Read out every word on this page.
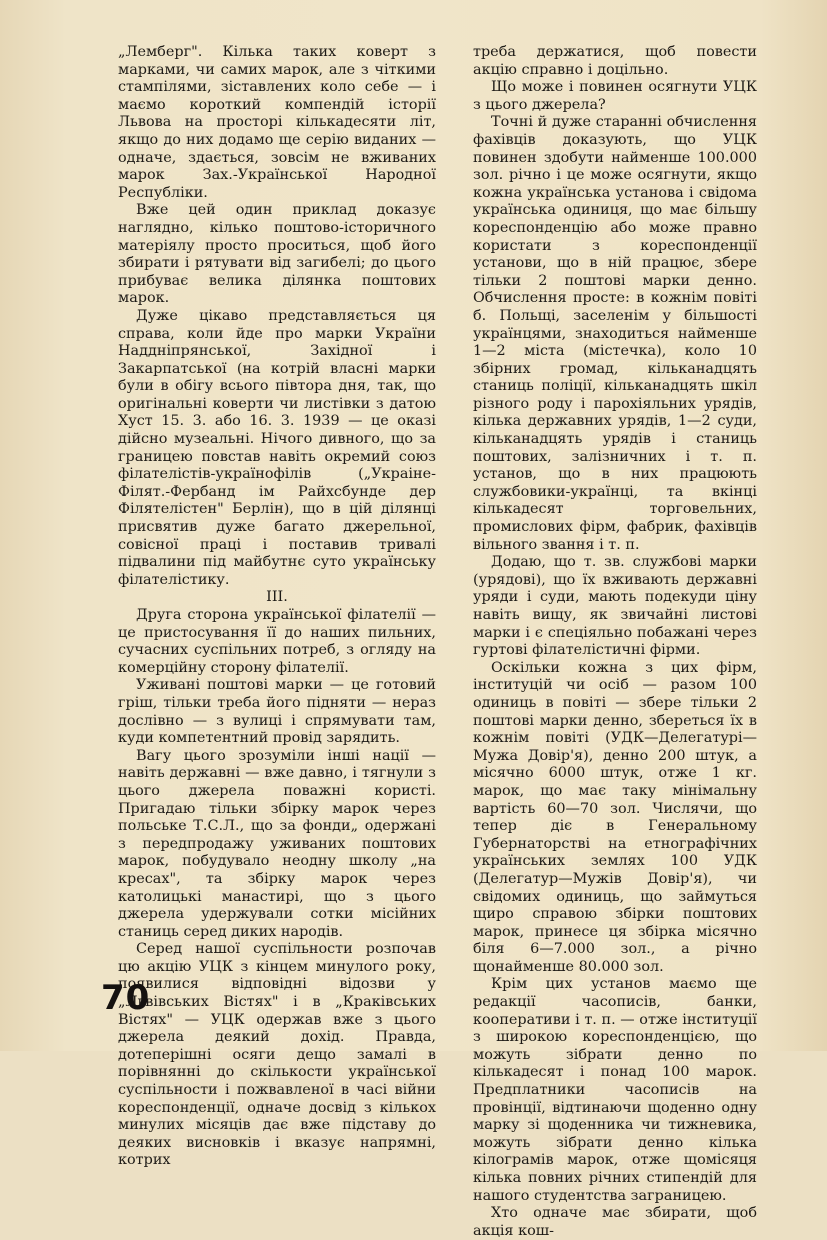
„Лемберг". Кілька таких коверт з марками, чи самих марок, але з чіткими стампілями, зіставлених коло себе — і маємо короткий компендій історії Львова на просторі кількадесяти літ, якщо до них додамо ще серію виданих — одначе, здається, зовсім не вживаних марок Зах.-Української Народної Республіки.

Вже цей один приклад доказує наглядно, кілько поштово-історичного матеріялу просто проситься, щоб його збирати і рятувати від загибелі; до цього прибуває велика ділянка поштових марок.

Дуже цікаво представляється ця справа, коли йде про марки України Наддніпрянської, Західної і Закарпатської (на котрій власні марки були в обігу всього півтора дня, так, що оригінальні коверти чи листівки з датою Хуст 15. 3. або 16. 3. 1939 — це оказі дійсно музеальні. Нічого дивного, що за границею повстав навіть окремий союз філателістів-українофілів („Украіне-Філят.-Фербанд ім Райхсбунде дер Філятелістен" Берлін), що в цій ділянці присвятив дуже багато джерельної, совісної праці і поставив тривалі підвалини під майбутнє суто українську філателістику.

III.

Друга сторона української філателії — це пристосування її до наших пильних, сучасних суспільних потреб, з огляду на комерційну сторону філателії.

Уживані поштові марки — це готовий гріш, тільки треба його підняти — нераз дослівно — з вулиці і спрямувати там, куди компетентний провід зарядить.

Вагу цього зрозуміли інші нації — навіть державні — вже давно, і тягнули з цього джерела поважні користі. Пригадаю тільки збірку марок через польське Т.С.Л., що за фонди„ одержані з передпродажу уживаних поштових марок, побудувало неодну школу „на кресах", та збірку марок через католицькі манастирі, що з цього джерела удержували сотки місійних станиць серед диких народів.

Серед нашої суспільности розпочав цю акцію УЦК з кінцем минулого року, появилися відповідні відозви у „Львівських Вістях" і в „Краківських Вістях" — УЦК одержав вже з цього джерела деякий дохід. Правда, дотеперішні осяги дещо замалі в порівнянні до скількости української суспільности і пожвавленої в часі війни кореспонденції, одначе досвід з кількох минулих місяців дає вже підставу до деяких висновків і вказує напрямні, котрих

треба держатися, щоб повести акцію справно і доцільно.

Що може і повинен осягнути УЦК з цього джерела?

Точні й дуже старанні обчислення фахівців доказують, що УЦК повинен здобути найменше 100.000 зол. річно і це може осягнути, якщо кожна українська установа і свідома українська одиниця, що має більшу кореспонденцію або може правно користати з кореспонденції установи, що в ній працює, збере тільки 2 поштові марки денно. Обчислення просте: в кожнім повіті б. Польщі, заселенім у більшості українцями, знаходиться найменше 1—2 міста (містечка), коло 10 збірних громад, кільканадцять станиць поліції, кільканадцять шкіл різного роду і парохіяльних урядів, кілька державних урядів, 1—2 суди, кільканадцять урядів і станиць поштових, залізничних і т. п. установ, що в них працюють службовики-українці, та вкінці кількадесят торговельних, промислових фірм, фабрик, фахівців вільного звання і т. п.

Додаю, що т. зв. службові марки (урядові), що їх вживають державні уряди і суди, мають подекуди ціну навіть вищу, як звичайні листові марки і є спеціяльно побажані через гуртові філателістичні фірми.

Оскільки кожна з цих фірм, інституцій чи осіб — разом 100 одиниць в повіті — збере тільки 2 поштові марки денно, збереться їх в кожнім повіті (УДК—Делегатурі—Мужа Довір'я), денно 200 штук, а місячно 6000 штук, отже 1 кг. марок, що має таку мінімальну вартість 60—70 зол. Числячи, що тепер діє в Генеральному Губернаторстві на етнографічних українських землях 100 УДК (Делегатур—Мужів Довір'я), чи свідомих одиниць, що займуться щиро справою збірки поштових марок, принесе ця збірка місячно біля 6—7.000 зол., а річно щонайменше 80.000 зол.

Крім цих установ маємо ще редакції часописів, банки, кооперативи і т. п. — отже інституції з широкою кореспонденцією, що можуть зібрати денно по кількадесят і понад 100 марок. Предплатники часописів на провінції, відтинаючи щоденно одну марку зі щоденника чи тижневика, можуть зібрати денно кілька кілограмів марок, отже щомісяця кілька повних річних стипендій для нашого студентства заграницею.

Хто одначе має збирати, щоб акція кош-

70
